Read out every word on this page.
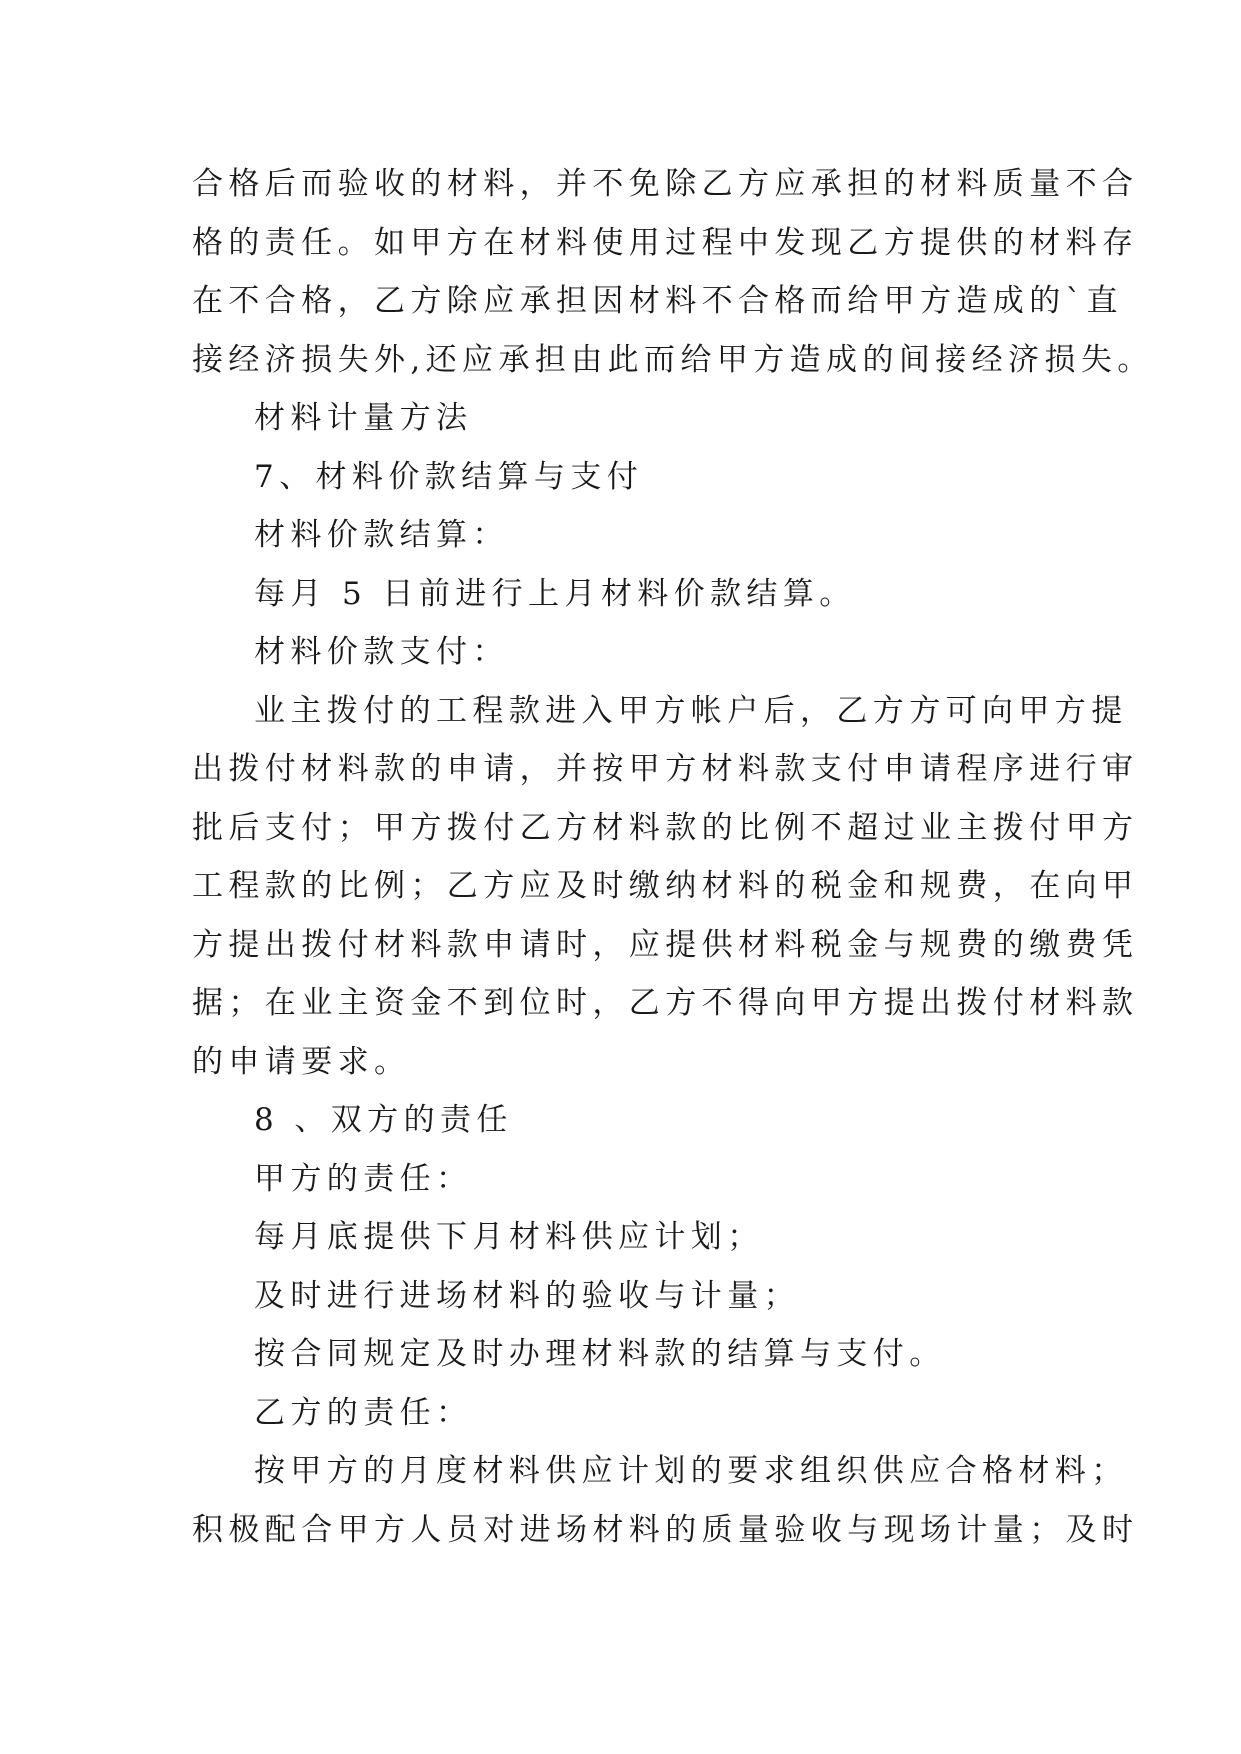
合格后而验收的材料，并不免除乙方应承担的材料质量不合
格的责任。如甲方在材料使用过程中发现乙方提供的材料存
在不合格，乙方除应承担因材料不合格而给甲方造成的`直
接经济损失外,还应承担由此而给甲方造成的间接经济损失。
材料计量方法
7、材料价款结算与支付
材料价款结算：
每月 5 日前进行上月材料价款结算。
材料价款支付：
业主拨付的工程款进入甲方帐户后，乙方方可向甲方提
出拨付材料款的申请，并按甲方材料款支付申请程序进行审
批后支付；甲方拨付乙方材料款的比例不超过业主拨付甲方
工程款的比例；乙方应及时缴纳材料的税金和规费，在向甲
方提出拨付材料款申请时，应提供材料税金与规费的缴费凭
据；在业主资金不到位时，乙方不得向甲方提出拨付材料款
的申请要求。
8 、双方的责任
甲方的责任：
每月底提供下月材料供应计划；
及时进行进场材料的验收与计量；
按合同规定及时办理材料款的结算与支付。
乙方的责任：
按甲方的月度材料供应计划的要求组织供应合格材料；
积极配合甲方人员对进场材料的质量验收与现场计量；及时
